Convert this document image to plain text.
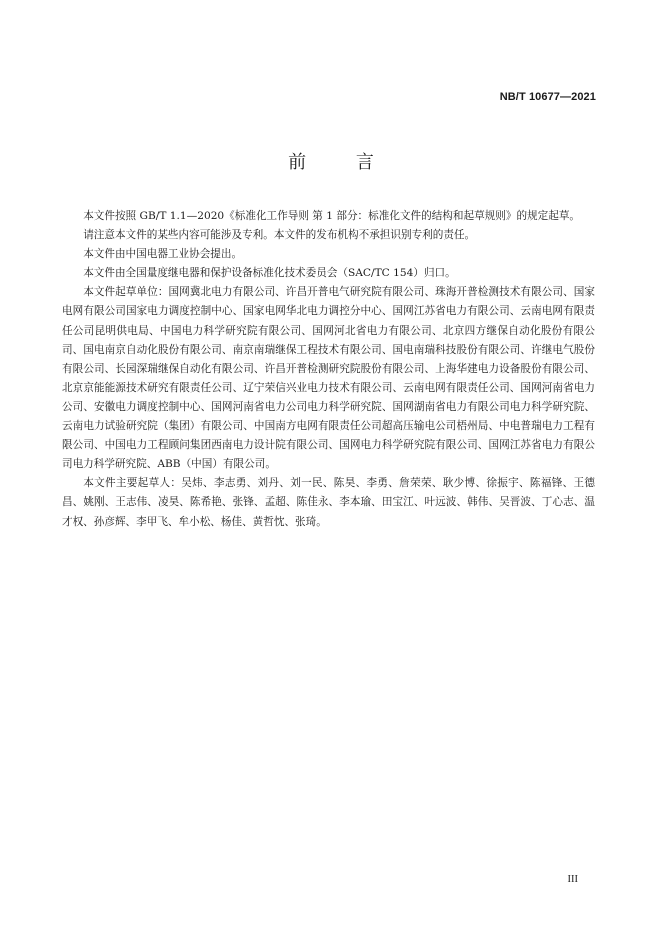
NB/T 10677—2021
前 言

本文件按照 GB/T 1.1—2020《标准化工作导则 第 1 部分：标准化文件的结构和起草规则》的规定起草。

请注意本文件的某些内容可能涉及专利。本文件的发布机构不承担识别专利的责任。

本文件由中国电器工业协会提出。

本文件由全国量度继电器和保护设备标准化技术委员会（SAC/TC 154）归口。

本文件起草单位：国网冀北电力有限公司、许昌开普电气研究院有限公司、珠海开普检测技术有限公司、国家电网有限公司国家电力调度控制中心、国家电网华北电力调控分中心、国网江苏省电力有限公司、云南电网有限责任公司昆明供电局、中国电力科学研究院有限公司、国网河北省电力有限公司、北京四方继保自动化股份有限公司、国电南京自动化股份有限公司、南京南瑞继保工程技术有限公司、国电南瑞科技股份有限公司、许继电气股份有限公司、长园深瑞继保自动化有限公司、许昌开普检测研究院股份有限公司、上海华建电力设备股份有限公司、北京京能能源技术研究有限责任公司、辽宁荣信兴业电力技术有限公司、云南电网有限责任公司、国网河南省电力公司、安徽电力调度控制中心、国网河南省电力公司电力科学研究院、国网湖南省电力有限公司电力科学研究院、云南电力试验研究院（集团）有限公司、中国南方电网有限责任公司超高压输电公司梧州局、中电普瑞电力工程有限公司、中国电力工程顾问集团西南电力设计院有限公司、国网电力科学研究院有限公司、国网江苏省电力有限公司电力科学研究院、ABB（中国）有限公司。

本文件主要起草人：吴炜、李志勇、刘丹、刘一民、陈昊、李勇、詹荣荣、耿少博、徐振宇、陈福锋、王德昌、姚刚、王志伟、凌昊、陈希艳、张锋、孟超、陈佳永、李本瑜、田宝江、叶远波、韩伟、吴晋波、丁心志、温才权、孙彦辉、李甲飞、牟小松、杨佳、黄哲忱、张琦。

III
